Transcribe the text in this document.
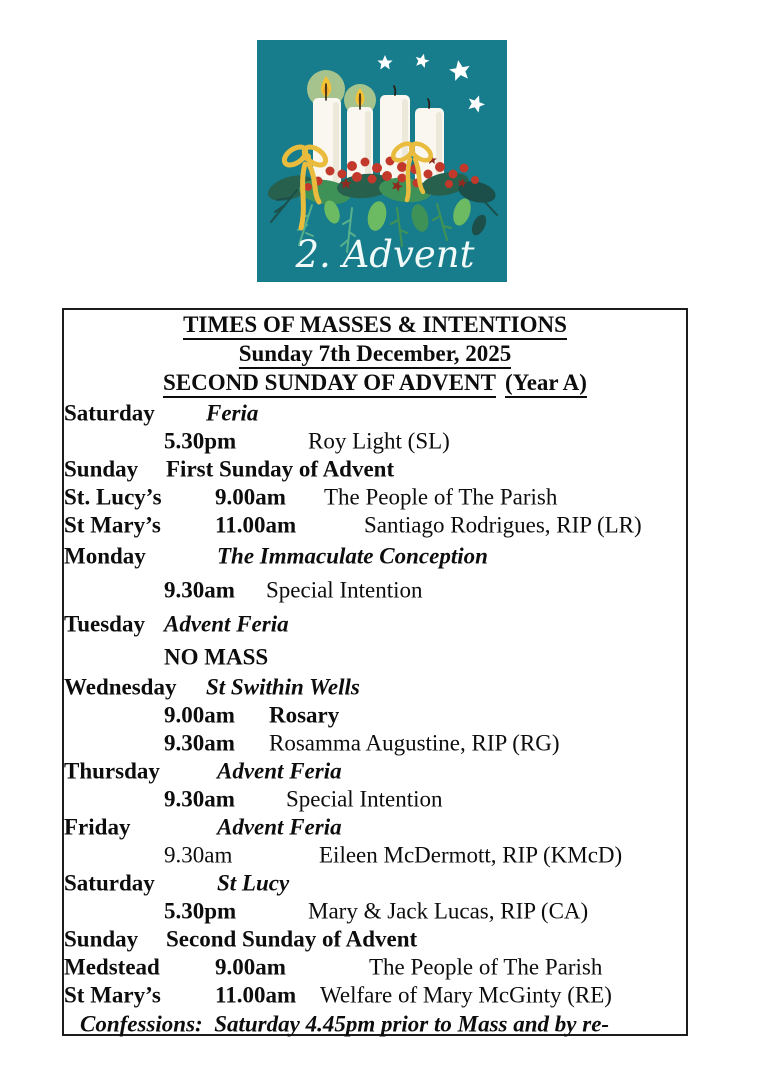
2. Advent
TIMES OF MASSES & INTENTIONS
Sunday 7th December, 2025
SECOND SUNDAY OF ADVENT (Year A)
Saturday Feria
5.30pm	Roy Light (SL)
Sunday First Sunday of Advent
St. Lucy’s 9.00am The People of The Parish
St Mary’s 11.00am	Santiago Rodrigues, RIP (LR)
Monday	The Immaculate Conception
9.30am Special Intention
Tuesday Advent Feria
NO MASS
Wednesday St Swithin Wells
9.00am Rosary
9.30am Rosamma Augustine, RIP (RG)
Thursday Advent Feria
9.30am Special Intention
Friday	Advent Feria
9.30am	Eileen McDermott, RIP (KMcD)
Saturday	St Lucy
5.30pm	Mary & Jack Lucas, RIP (CA)
Sunday Second Sunday of Advent
Medstead 9.00am	The People of The Parish
St Mary’s 11.00am Welfare of Mary McGinty (RE)
Confessions:  Saturday 4.45pm prior to Mass and by re-
